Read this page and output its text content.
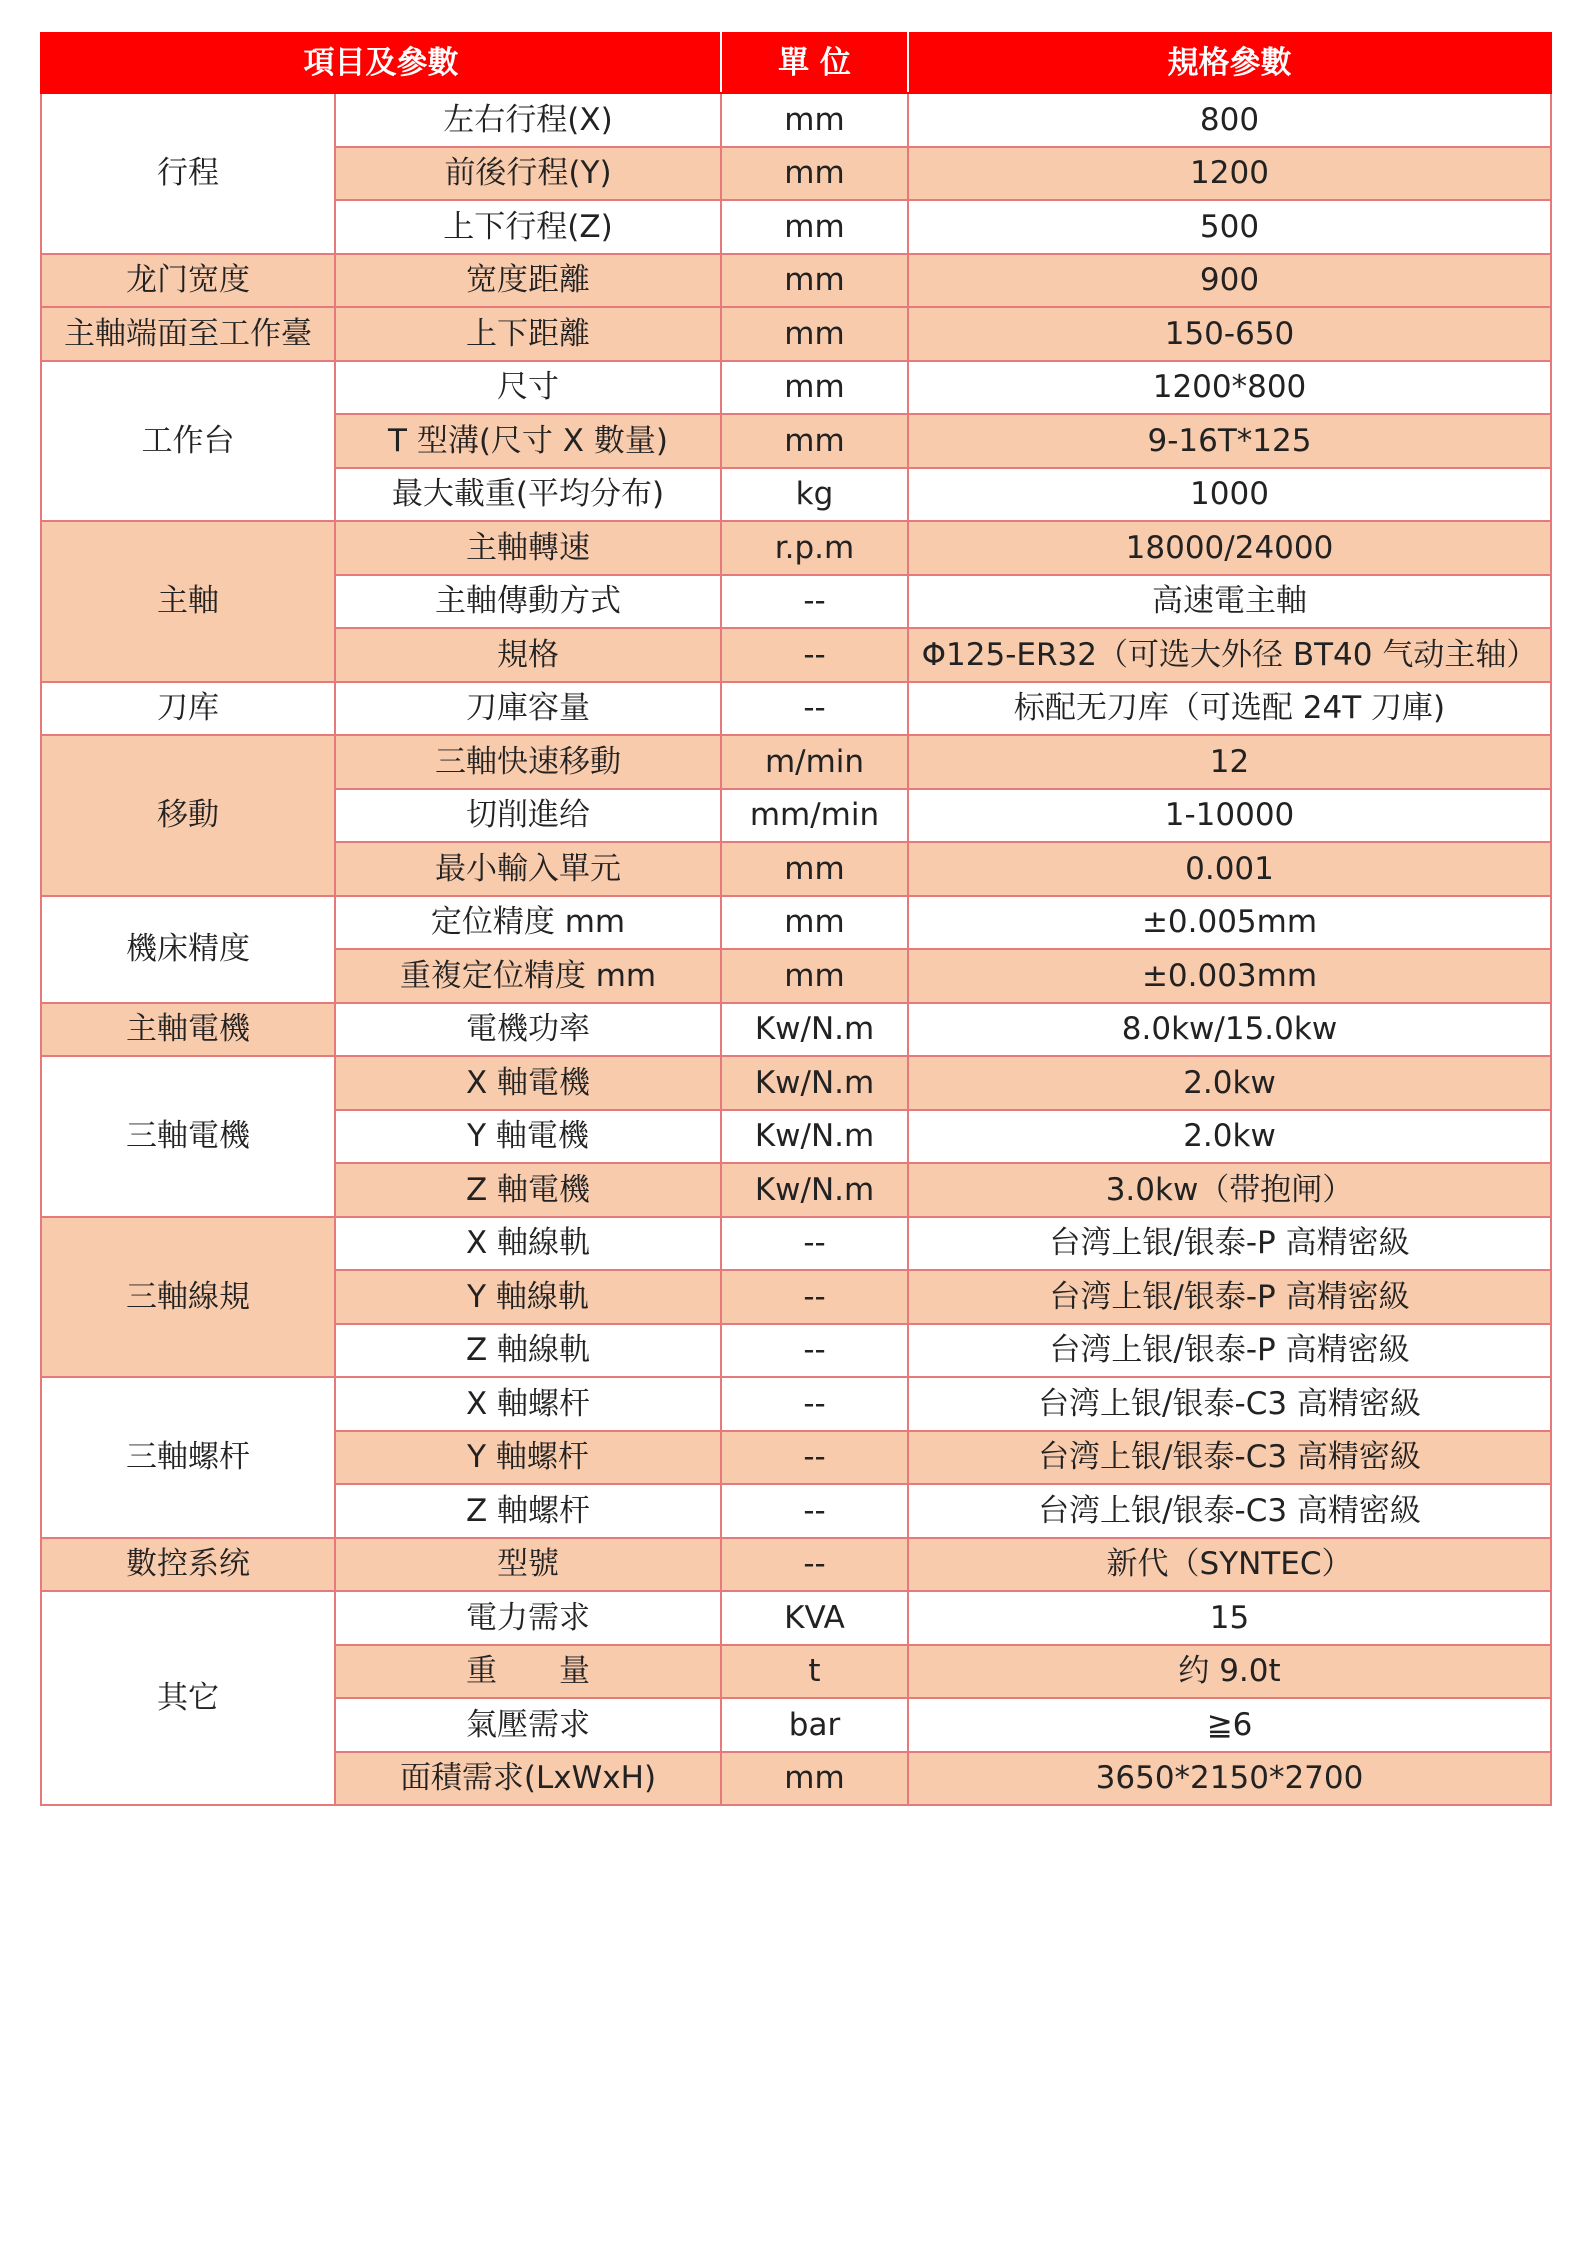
項目及參數		單 位	規格參數
行程	左右行程(X)	mm	800
	前後行程(Y)	mm	1200
	上下行程(Z)	mm	500
龙门宽度	宽度距離	mm	900
主軸端面至工作臺	上下距離	mm	150-650
工作台	尺寸	mm	1200*800
	T 型溝(尺寸 X 數量)	mm	9-16T*125
	最大載重(平均分布)	kg	1000
主軸	主軸轉速	r.p.m	18000/24000
	主軸傳動方式	--	高速電主軸
	規格	--	Φ125-ER32（可选大外径 BT40 气动主轴）
刀库	刀庫容量	--	标配无刀库（可选配 24T 刀庫)
移動	三軸快速移動	m/min	12
	切削進给	mm/min	1-10000
	最小輸入單元	mm	0.001
機床精度	定位精度 mm	mm	±0.005mm
	重複定位精度 mm	mm	±0.003mm
主軸電機	電機功率	Kw/N.m	8.0kw/15.0kw
三軸電機	X 軸電機	Kw/N.m	2.0kw
	Y 軸電機	Kw/N.m	2.0kw
	Z 軸電機	Kw/N.m	3.0kw（带抱闸）
三軸線規	X 軸線軌	--	台湾上银/银泰-P 高精密級
	Y 軸線軌	--	台湾上银/银泰-P 高精密級
	Z 軸線軌	--	台湾上银/银泰-P 高精密級
三軸螺杆	X 軸螺杆	--	台湾上银/银泰-C3 高精密級
	Y 軸螺杆	--	台湾上银/银泰-C3 高精密級
	Z 軸螺杆	--	台湾上银/银泰-C3 高精密級
數控系统	型號	--	新代（SYNTEC）
其它	電力需求	KVA	15
	重　　量	t	约 9.0t
	氣壓需求	bar	≧6
	面積需求(LxWxH)	mm	3650*2150*2700
